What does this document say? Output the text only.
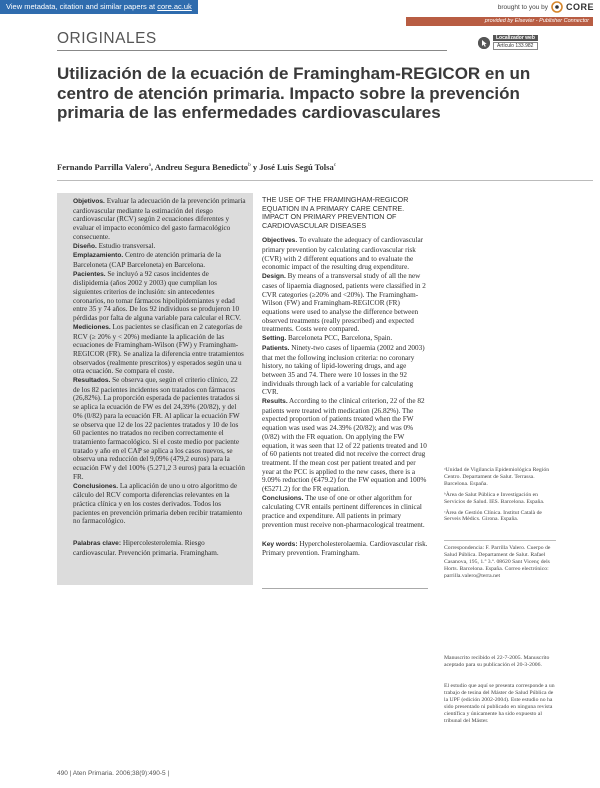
View metadata, citation and similar papers at core.ac.uk	brought to you by CORE
provided by Elsevier - Publisher Connector
ORIGINALES	Localizador web
Artículo 133.982
Utilización de la ecuación de Framingham-REGICOR en un centro de atención primaria. Impacto sobre la prevención primaria de las enfermedades cardiovasculares
Fernando Parrilla Valero$^a$, Andreu Segura Benedicto$^b$ y José Luis Segú Tolsa$^c$

Objetivos. Evaluar la adecuación de la prevención primaria cardiovascular mediante la estimación del riesgo cardiovascular (RCV) según 2 ecuaciones diferentes y evaluar el impacto económico del gasto farmacológico consecuente.

Diseño. Estudio transversal.

Emplazamiento. Centro de atención primaria de la Barceloneta (CAP Barceloneta) en Barcelona.

Pacientes. Se incluyó a 92 casos incidentes de dislipidemia (años 2002 y 2003) que cumplían los siguientes criterios de inclusión: sin antecedentes coronarios, no tomar fármacos hipolipidemiantes y edad entre 35 y 74 años. De los 92 individuos se produjeron 10 pérdidas por falta de alguna variable para calcular el RCV.

Mediciones. Los pacientes se clasifican en 2 categorías de RCV (≥ 20% y < 20%) mediante la aplicación de las ecuaciones de Framingham-Wilson (FW) y Framingham-REGICOR (FR). Se analiza la diferencia entre tratamientos observados (realmente prescritos) y esperados según una u otra ecuación. Se compara el coste.

Resultados. Se observa que, según el criterio clínico, 22 de los 82 pacientes incidentes son tratados con fármacos (26,82%). La proporción esperada de pacientes tratados si se aplica la ecuación de FW es del 24,39% (20/82), y del 0% (0/82) para la ecuación FR. Al aplicar la ecuación FW se observa que 12 de los 22 pacientes tratados y 10 de los 60 pacientes no tratados no reciben correctamente el tratamiento farmacológico. Si el coste medio por paciente tratado y año en el CAP se aplica a los casos nuevos, se observa una reducción del 9,09% (479,2 euros) para la ecuación FW y del 100% (5.271,2 3 euros) para la ecuación FR.

Conclusiones. La aplicación de uno u otro algoritmo de cálculo del RCV comporta diferencias relevantes en la práctica clínica y en los costes derivados. Todos los pacientes en prevención primaria deben recibir tratamiento no farmacológico.

Palabras clave: Hipercolesterolemia. Riesgo cardiovascular. Prevención primaria. Framingham.

THE USE OF THE FRAMINGHAM-REGICOR EQUATION IN A PRIMARY CARE CENTRE. IMPACT ON PRIMARY PREVENTION OF CARDIOVASCULAR DISEASES

Objectives. To evaluate the adequacy of cardiovascular primary prevention by calculating cardiovascular risk (CVR) with 2 different equations and to evaluate the economic impact of the resulting drug expenditure.

Design. By means of a transversal study of all the new cases of lipaemia diagnosed, patients were classified in 2 CVR categories (≥20% and <20%). The Framingham-Wilson (FW) and Framingham-REGICOR (FR) equations were used to analyse the difference between observed treatments (really prescribed) and expected treatments. Costs were compared.

Setting. Barceloneta PCC, Barcelona, Spain.

Patients. Ninety-two cases of lipaemia (2002 and 2003) that met the following inclusion criteria: no coronary history, no taking of lipid-lowering drugs, and age between 35 and 74. There were 10 losses in the 92 individuals through lack of a variable for calculating CVR.

Results. According to the clinical criterion, 22 of the 82 patients were treated with medication (26.82%). The expected proportion of patients treated when the FW equation was used was 24.39% (20/82); and was 0% (0/82) with the FR equation. On applying the FW equation, it was seen that 12 of 22 patients treated and 10 of 60 patients not treated did not receive the correct drug treatment. If the mean cost per patient treated and per year at the PCC is applied to the new cases, there is a 9.09% reduction (€479.2) for the FW equation and 100% (€5271.2) for the FR equation.

Conclusions. The use of one or other algorithm for calculating CVR entails pertinent differences in clinical practice and expenditure. All patients in primary prevention must receive non-pharmacological treatment.

Key words: Hypercholesterolaemia. Cardiovascular risk. Primary prevention. Framingham.

ᵃUnidad de Vigilancia Epidemiológica Región Centro. Departament de Salut. Terrassa. Barcelona. España.

ᵇÀrea de Salut Pública e Investigación en Servicios de Salud. IES. Barcelona. España.

ᶜÀrea de Gestión Clínica. Institut Català de Serveis Mèdics. Girona. España.

Correspondencia: F. Parrilla Valero. Cuerpo de Salud Pública. Departament de Salut. Rafael Casanova, 195, 1.º 3.ª. 08620 Sant Vicenç dels Horts. Barcelona. España. Correo electrónico: parrilla.valero@terra.net

Manuscrito recibido el 22-7-2005. Manuscrito aceptado para su publicación el 20-3-2006.

El estudio que aquí se presenta corresponde a un trabajo de tesina del Máster de Salud Pública de la UPF (edición 2002-2004). Este estudio no ha sido presentado ni publicado en ninguna revista científica y únicamente ha sido expuesto al tribunal del Máster.

490 | Aten Primaria. 2006;38(9):490-5 |
